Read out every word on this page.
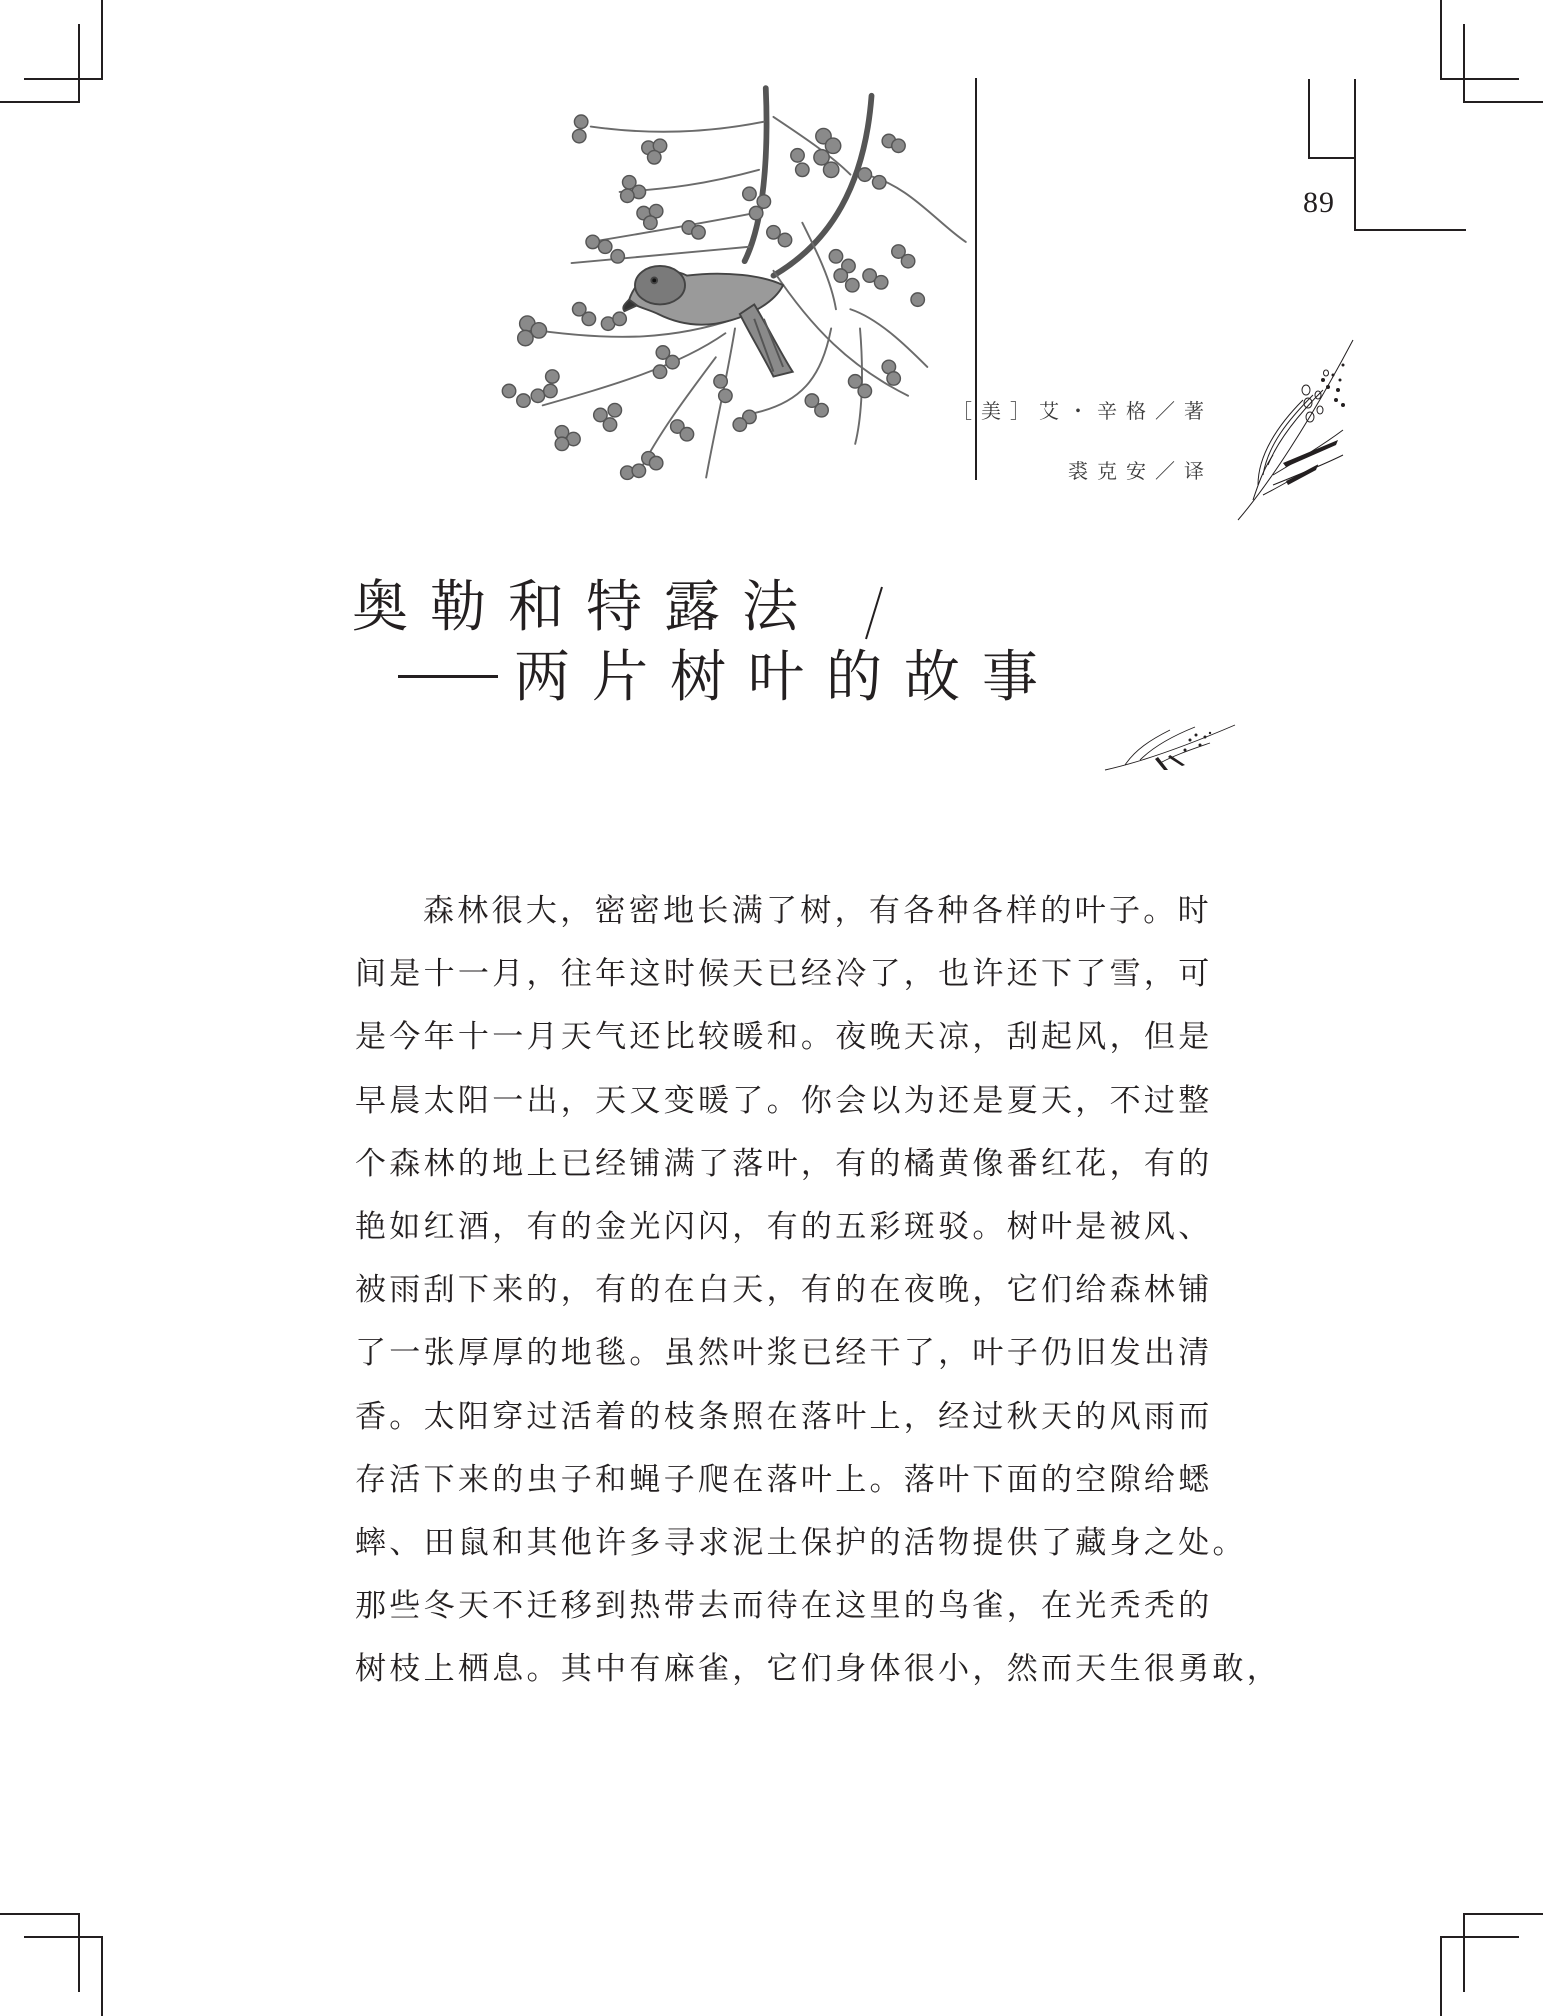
89
［美］艾・辛格／著
裘克安／译
奥勒和特露法
两片树叶的故事
森林很大，密密地长满了树，有各种各样的叶子。时
间是十一月，往年这时候天已经冷了，也许还下了雪，可
是今年十一月天气还比较暖和。夜晚天凉，刮起风，但是
早晨太阳一出，天又变暖了。你会以为还是夏天，不过整
个森林的地上已经铺满了落叶，有的橘黄像番红花，有的
艳如红酒，有的金光闪闪，有的五彩斑驳。树叶是被风、
被雨刮下来的，有的在白天，有的在夜晚，它们给森林铺
了一张厚厚的地毯。虽然叶浆已经干了，叶子仍旧发出清
香。太阳穿过活着的枝条照在落叶上，经过秋天的风雨而
存活下来的虫子和蝇子爬在落叶上。落叶下面的空隙给蟋
蟀、田鼠和其他许多寻求泥土保护的活物提供了藏身之处。
那些冬天不迁移到热带去而待在这里的鸟雀，在光秃秃的
树枝上栖息。其中有麻雀，它们身体很小，然而天生很勇敢，
